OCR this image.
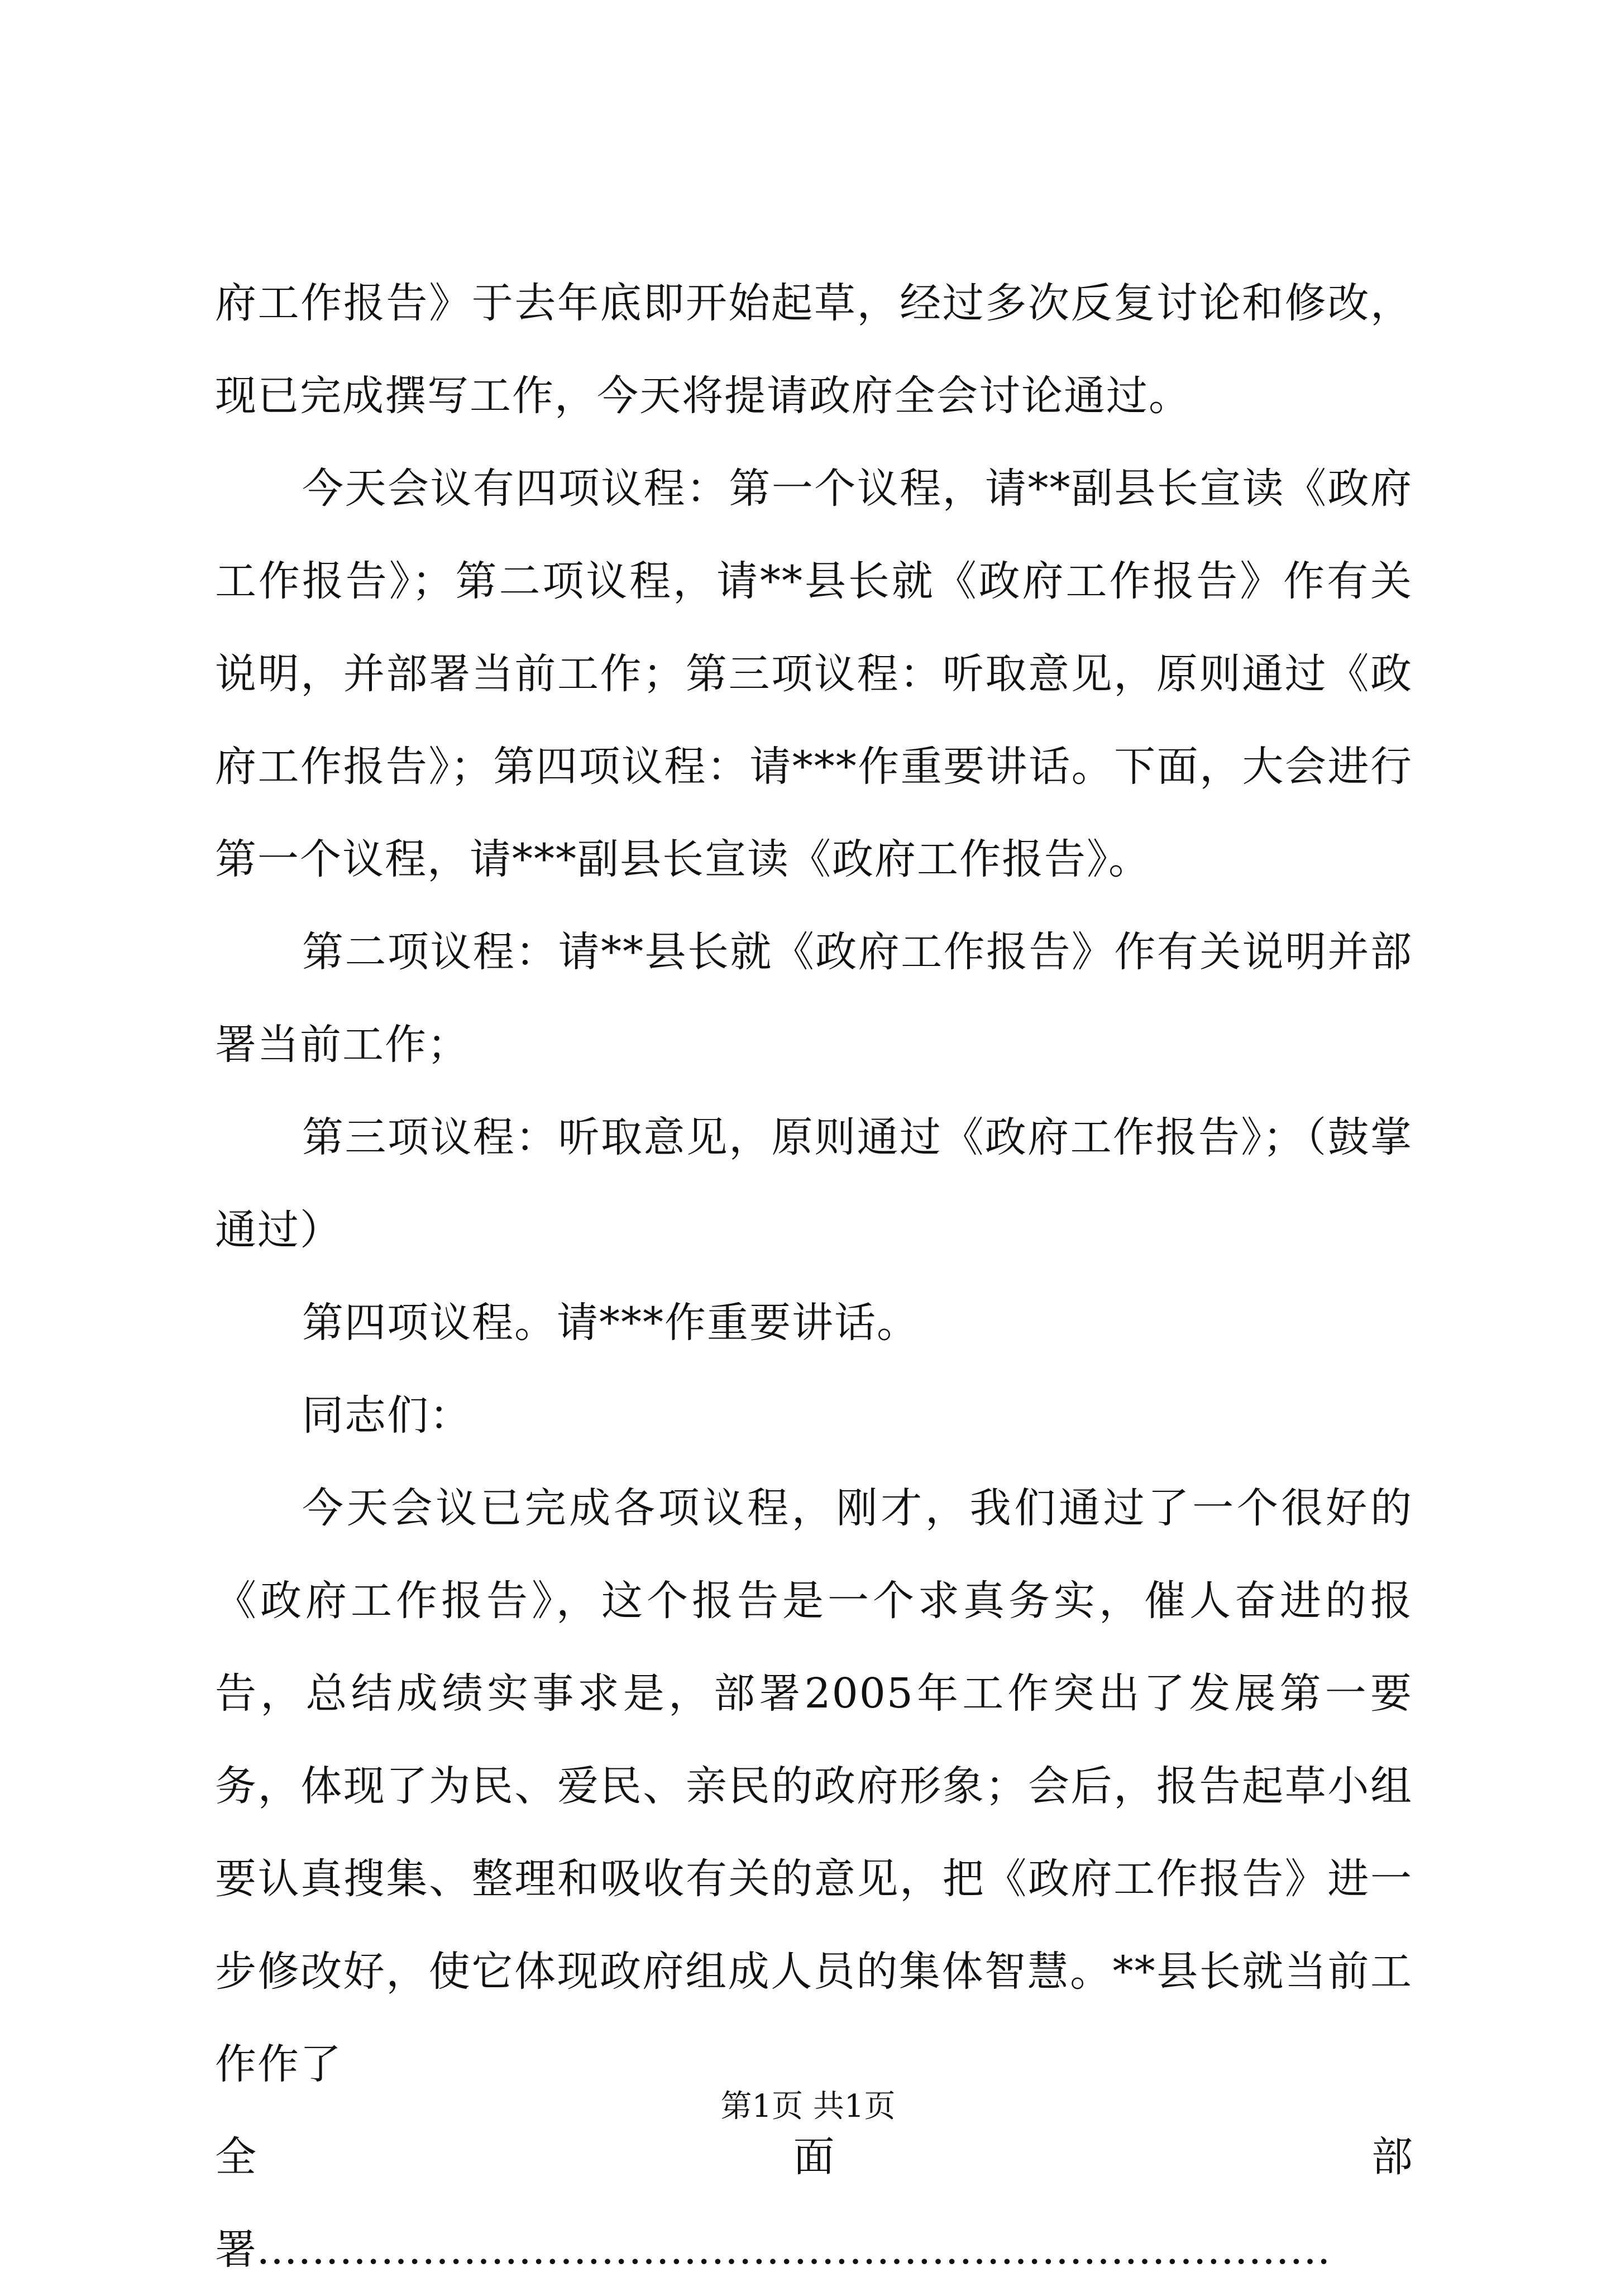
府工作报告》于去年底即开始起草，经过多次反复讨论和修改，现已完成撰写工作，今天将提请政府全会讨论通过。

今天会议有四项议程：第一个议程，请**副县长宣读《政府工作报告》；第二项议程，请**县长就《政府工作报告》作有关说明，并部署当前工作；第三项议程：听取意见，原则通过《政府工作报告》；第四项议程：请***作重要讲话。下面，大会进行第一个议程，请***副县长宣读《政府工作报告》。

第二项议程：请**县长就《政府工作报告》作有关说明并部署当前工作；

第三项议程：听取意见，原则通过《政府工作报告》；（鼓掌通过）

第四项议程。请***作重要讲话。

同志们：

今天会议已完成各项议程，刚才，我们通过了一个很好的《政府工作报告》，这个报告是一个求真务实，催人奋进的报告，总结成绩实事求是，部署2005年工作突出了发展第一要务，体现了为民、爱民、亲民的政府形象；会后，报告起草小组要认真搜集、整理和吸收有关的意见，把《政府工作报告》进一步修改好，使它体现政府组成人员的集体智慧。**县长就当前工作作了

全	面	部
署 ……………………………………………………………………
第1页 共1页
